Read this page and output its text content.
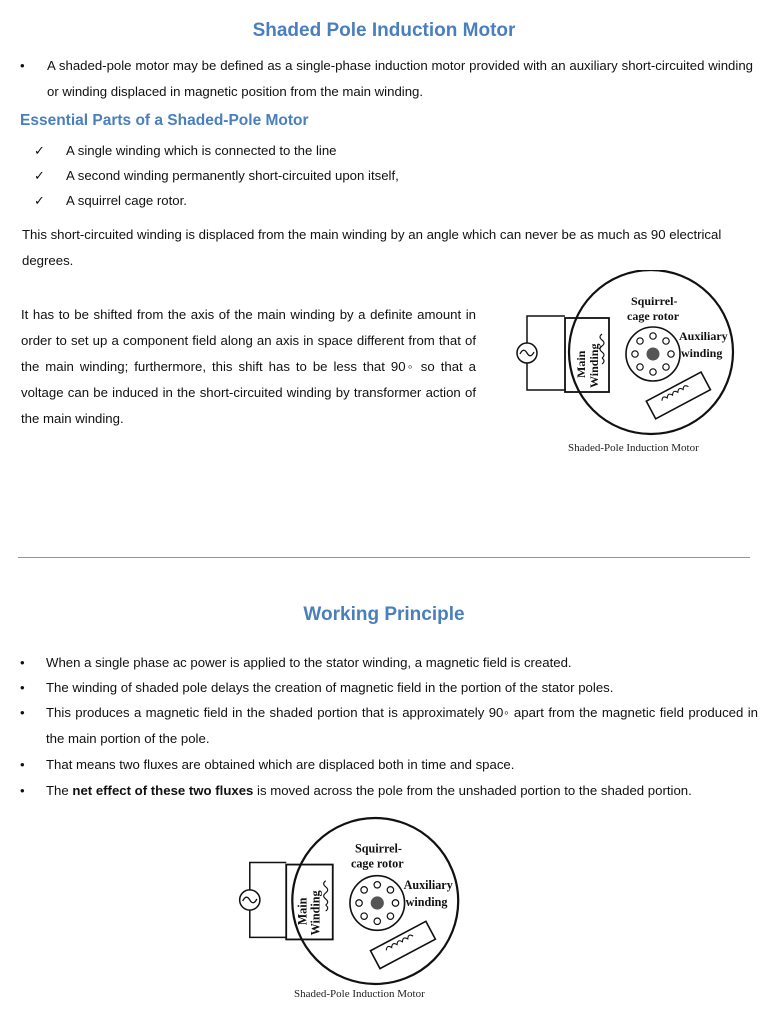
Shaded Pole Induction Motor
• A shaded-pole motor may be defined as a single-phase induction motor provided with an auxiliary short-circuited winding or winding displaced in magnetic position from the main winding.
Essential Parts of a Shaded-Pole Motor
✓ A single winding which is connected to the line
✓ A second winding permanently short-circuited upon itself,
✓ A squirrel cage rotor.
This short-circuited winding is displaced from the main winding by an angle which can never be as much as 90 electrical degrees.
It has to be shifted from the axis of the main winding by a definite amount in order to set up a component field along an axis in space different from that of the main winding; furthermore, this shift has to be less that 90◦ so that a voltage can be induced in the short-circuited winding by transformer action of the main winding.
Main Winding
Squirrel- cage rotor
Auxiliary winding
Shaded-Pole Induction Motor
Working Principle
• When a single phase ac power is applied to the stator winding, a magnetic field is created.
• The winding of shaded pole delays the creation of magnetic field in the portion of the stator poles.
• This produces a magnetic field in the shaded portion that is approximately 90◦ apart from the magnetic field produced in the main portion of the pole.
• That means two fluxes are obtained which are displaced both in time and space.
• The net effect of these two fluxes is moved across the pole from the unshaded portion to the shaded portion.
Main Winding
Squirrel- cage rotor
Auxiliary winding
Shaded-Pole Induction Motor
